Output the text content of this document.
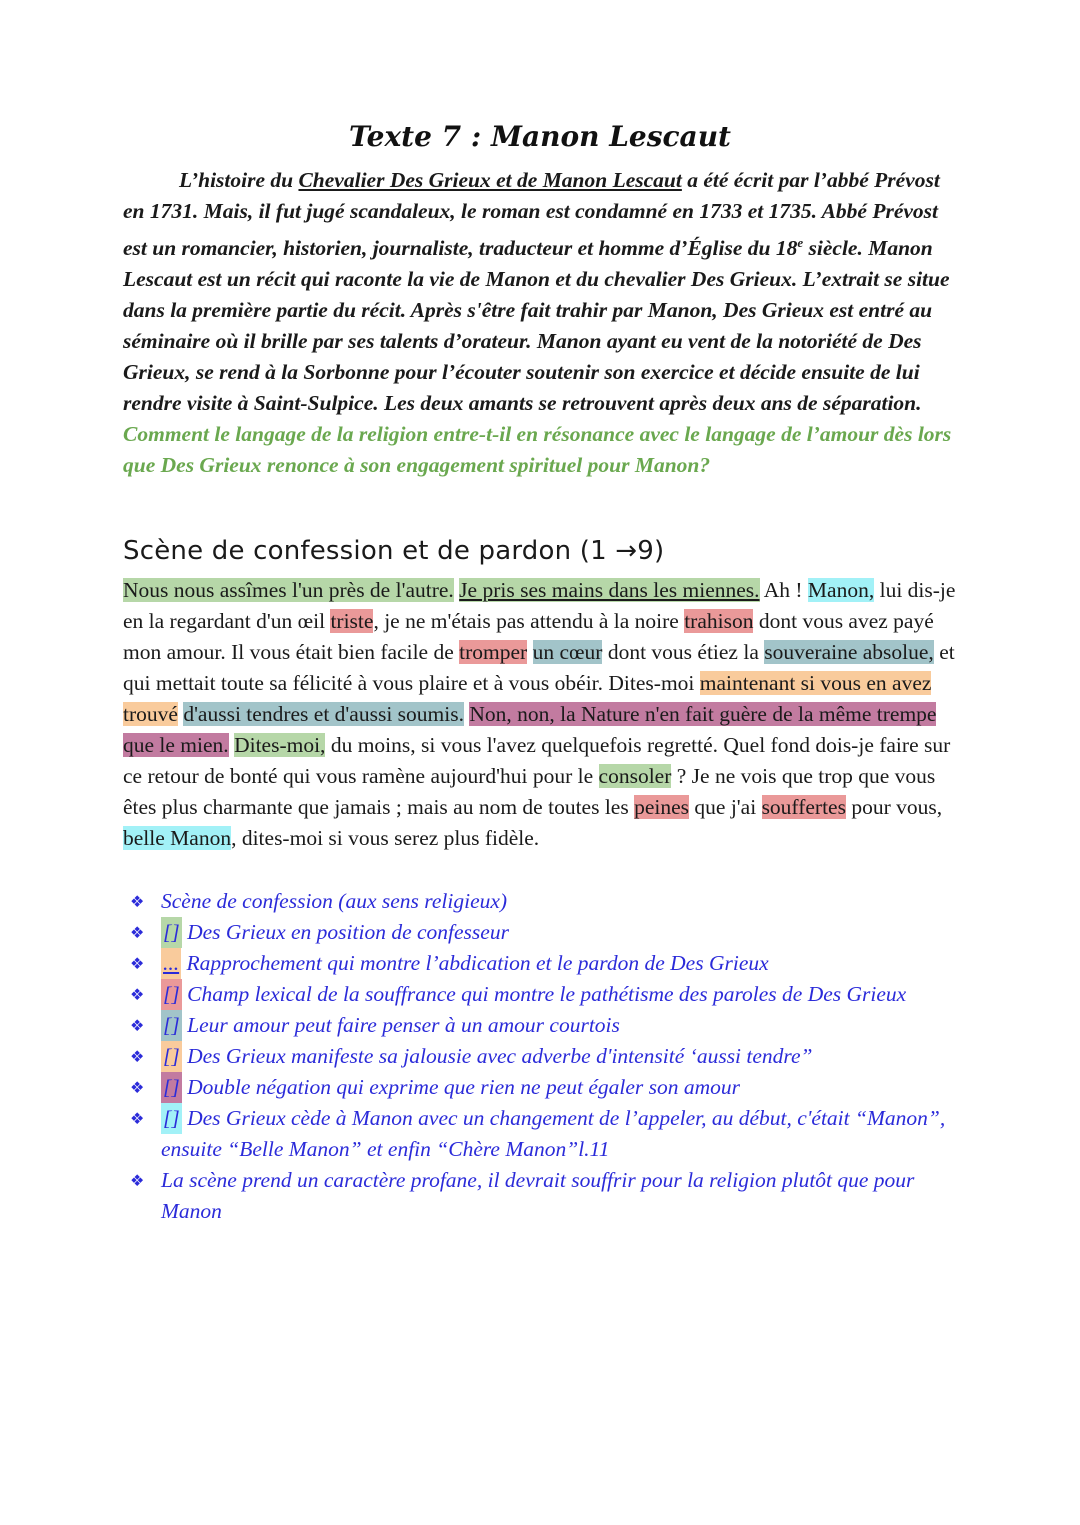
Texte 7 : Manon Lescaut

L’histoire du Chevalier Des Grieux et de Manon Lescaut a été écrit par l’abbé Prévost en 1731. Mais, il fut jugé scandaleux, le roman est condamné en 1733 et 1735. Abbé Prévost est un romancier, historien, journaliste, traducteur et homme d’Église du 18e siècle. Manon Lescaut est un récit qui raconte la vie de Manon et du chevalier Des Grieux. L’extrait se situe dans la première partie du récit. Après s'être fait trahir par Manon, Des Grieux est entré au séminaire où il brille par ses talents d’orateur. Manon ayant eu vent de la notoriété de Des Grieux, se rend à la Sorbonne pour l’écouter soutenir son exercice et décide ensuite de lui rendre visite à Saint-Sulpice. Les deux amants se retrouvent après deux ans de séparation. Comment le langage de la religion entre-t-il en résonance avec le langage de l’amour dès lors que Des Grieux renonce à son engagement spirituel pour Manon?

Scène de confession et de pardon (1 →9)

Nous nous assîmes l'un près de l'autre. Je pris ses mains dans les miennes. Ah ! Manon, lui dis-je en la regardant d'un œil triste, je ne m'étais pas attendu à la noire trahison dont vous avez payé mon amour. Il vous était bien facile de tromper un cœur dont vous étiez la souveraine absolue, et qui mettait toute sa félicité à vous plaire et à vous obéir. Dites-moi maintenant si vous en avez trouvé d'aussi tendres et d'aussi soumis. Non, non, la Nature n'en fait guère de la même trempe que le mien. Dites-moi, du moins, si vous l'avez quelquefois regretté. Quel fond dois-je faire sur ce retour de bonté qui vous ramène aujourd'hui pour le consoler ? Je ne vois que trop que vous êtes plus charmante que jamais ; mais au nom de toutes les peines que j'ai souffertes pour vous, belle Manon, dites-moi si vous serez plus fidèle.

❖ Scène de confession (aux sens religieux)
❖ [] Des Grieux en position de confesseur
❖ ... Rapprochement qui montre l’abdication et le pardon de Des Grieux
❖ [] Champ lexical de la souffrance qui montre le pathétisme des paroles de Des Grieux
❖ [] Leur amour peut faire penser à un amour courtois
❖ [] Des Grieux manifeste sa jalousie avec adverbe d'intensité ‘aussi tendre”
❖ [] Double négation qui exprime que rien ne peut égaler son amour
❖ [] Des Grieux cède à Manon avec un changement de l’appeler, au début, c'était “Manon”, ensuite “Belle Manon” et enfin “Chère Manon”l.11
❖ La scène prend un caractère profane, il devrait souffrir pour la religion plutôt que pour Manon
